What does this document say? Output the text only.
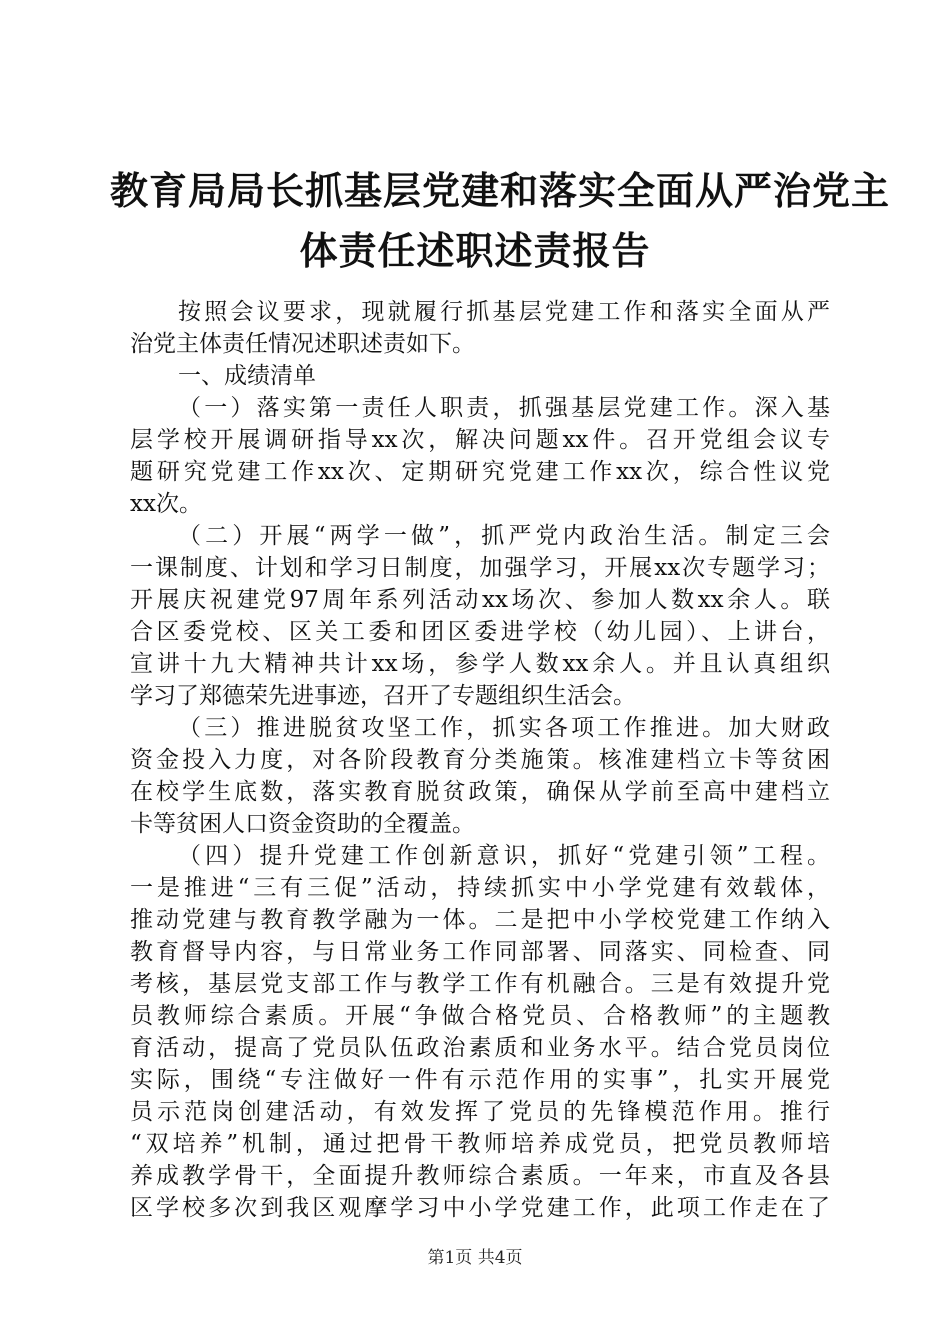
教育局局长抓基层党建和落实全面从严治党主
体责任述职述责报告
按照会议要求，现就履行抓基层党建工作和落实全面从严
治党主体责任情况述职述责如下。
一、成绩清单
（一）落实第一责任人职责，抓强基层党建工作。深入基
层学校开展调研指导xx次，解决问题xx件。召开党组会议专
题研究党建工作xx次、定期研究党建工作xx次，综合性议党
xx次。
（二）开展“两学一做”，抓严党内政治生活。制定三会
一课制度、计划和学习日制度，加强学习，开展xx次专题学习；
开展庆祝建党97周年系列活动xx场次、参加人数xx余人。联
合区委党校、区关工委和团区委进学校（幼儿园）、上讲台，
宣讲十九大精神共计xx场，参学人数xx余人。并且认真组织
学习了郑德荣先进事迹，召开了专题组织生活会。
（三）推进脱贫攻坚工作，抓实各项工作推进。加大财政
资金投入力度，对各阶段教育分类施策。核准建档立卡等贫困
在校学生底数，落实教育脱贫政策，确保从学前至高中建档立
卡等贫困人口资金资助的全覆盖。
（四）提升党建工作创新意识，抓好“党建引领”工程。
一是推进“三有三促”活动，持续抓实中小学党建有效载体，
推动党建与教育教学融为一体。二是把中小学校党建工作纳入
教育督导内容，与日常业务工作同部署、同落实、同检查、同
考核，基层党支部工作与教学工作有机融合。三是有效提升党
员教师综合素质。开展“争做合格党员、合格教师”的主题教
育活动，提高了党员队伍政治素质和业务水平。结合党员岗位
实际，围绕“专注做好一件有示范作用的实事”，扎实开展党
员示范岗创建活动，有效发挥了党员的先锋模范作用。推行
“双培养”机制，通过把骨干教师培养成党员，把党员教师培
养成教学骨干，全面提升教师综合素质。一年来，市直及各县
区学校多次到我区观摩学习中小学党建工作，此项工作走在了
第1页 共4页
